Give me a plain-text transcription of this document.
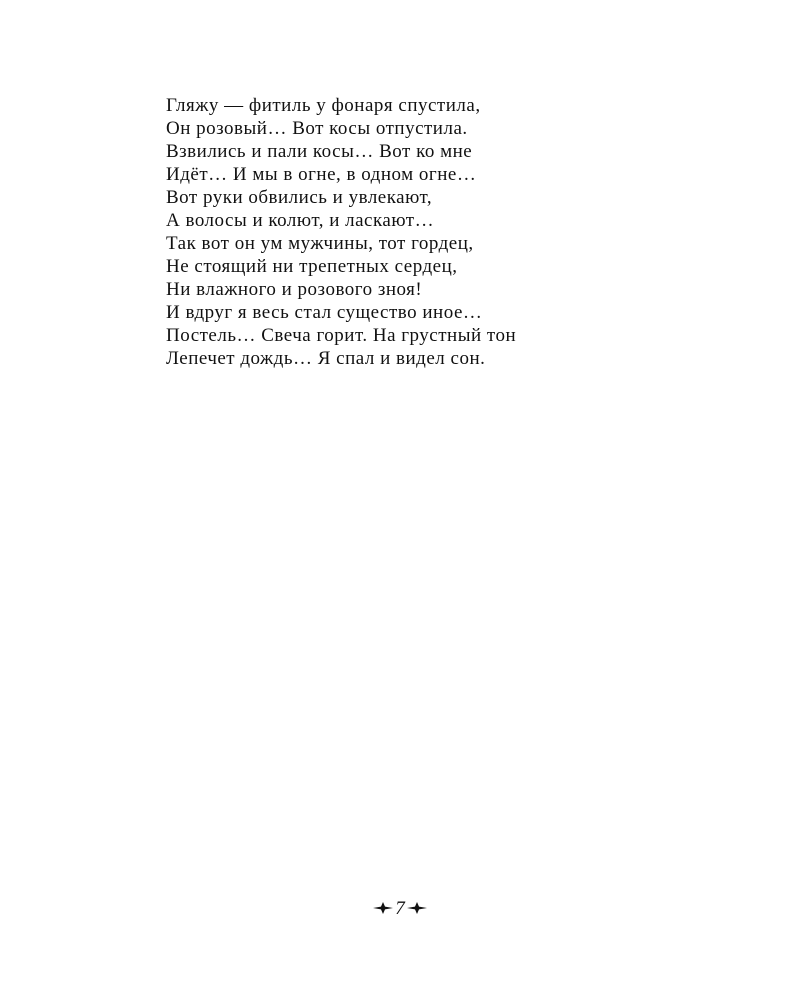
Гляжу — фитиль у фонаря спустила,
Он розовый… Вот косы отпустила.
Взвились и пали косы… Вот ко мне
Идёт… И мы в огне, в одном огне…
Вот руки обвились и увлекают,
А волосы и колют, и ласкают…
Так вот он ум мужчины, тот гордец,
Не стоящий ни трепетных сердец,
Ни влажного и розового зноя!
И вдруг я весь стал существо иное…
Постель… Свеча горит. На грустный тон
Лепечет дождь… Я спал и видел сон.
7
